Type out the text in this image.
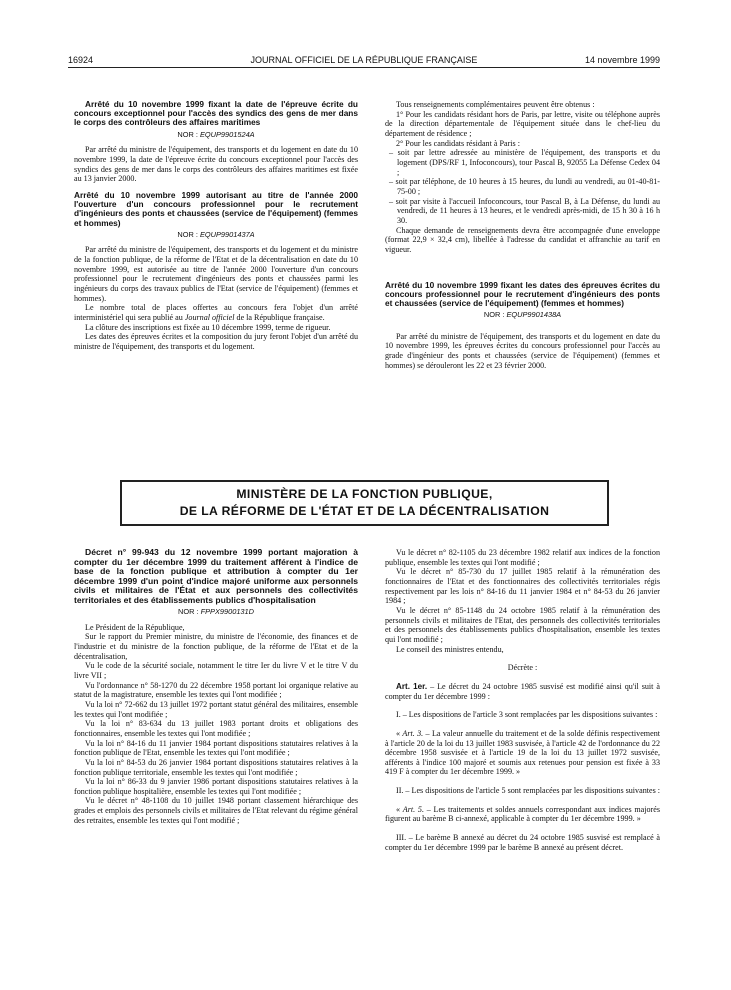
16924	JOURNAL OFFICIEL DE LA RÉPUBLIQUE FRANÇAISE	14 novembre 1999

Arrêté du 10 novembre 1999 fixant la date de l'épreuve écrite du concours exceptionnel pour l'accès des syndics des gens de mer dans le corps des contrôleurs des affaires maritimes

NOR : EQUP9901524A

Par arrêté du ministre de l'équipement, des transports et du logement en date du 10 novembre 1999, la date de l'épreuve écrite du concours exceptionnel pour l'accès des syndics des gens de mer dans le corps des contrôleurs des affaires maritimes est fixée au 13 janvier 2000.

Arrêté du 10 novembre 1999 autorisant au titre de l'année 2000 l'ouverture d'un concours professionnel pour le recrutement d'ingénieurs des ponts et chaussées (service de l'équipement) (femmes et hommes)

NOR : EQUP9901437A

Par arrêté du ministre de l'équipement, des transports et du logement et du ministre de la fonction publique, de la réforme de l'Etat et de la décentralisation en date du 10 novembre 1999, est autorisée au titre de l'année 2000 l'ouverture d'un concours professionnel pour le recrutement d'ingénieurs des ponts et chaussées parmi les ingénieurs du corps des travaux publics de l'Etat (service de l'équipement) (femmes et hommes).

Le nombre total de places offertes au concours fera l'objet d'un arrêté interministériel qui sera publié au Journal officiel de la République française.

La clôture des inscriptions est fixée au 10 décembre 1999, terme de rigueur.

Les dates des épreuves écrites et la composition du jury feront l'objet d'un arrêté du ministre de l'équipement, des transports et du logement.

Tous renseignements complémentaires peuvent être obtenus :

1° Pour les candidats résidant hors de Paris, par lettre, visite ou téléphone auprès de la direction départementale de l'équipement située dans le chef-lieu du département de résidence ;

2° Pour les candidats résidant à Paris :

– soit par lettre adressée au ministère de l'équipement, des transports et du logement (DPS/RF 1, Infoconcours), tour Pascal B, 92055 La Défense Cedex 04 ;

– soit par téléphone, de 10 heures à 15 heures, du lundi au vendredi, au 01-40-81-75-00 ;

– soit par visite à l'accueil Infoconcours, tour Pascal B, à La Défense, du lundi au vendredi, de 11 heures à 13 heures, et le vendredi après-midi, de 15 h 30 à 16 h 30.

Chaque demande de renseignements devra être accompagnée d'une enveloppe (format 22,9 × 32,4 cm), libellée à l'adresse du candidat et affranchie au tarif en vigueur.

Arrêté du 10 novembre 1999 fixant les dates des épreuves écrites du concours professionnel pour le recrutement d'ingénieurs des ponts et chaussées (service de l'équipement) (femmes et hommes)

NOR : EQUP9901438A

Par arrêté du ministre de l'équipement, des transports et du logement en date du 10 novembre 1999, les épreuves écrites du concours professionnel pour l'accès au grade d'ingénieur des ponts et chaussées (service de l'équipement) (femmes et hommes) se dérouleront les 22 et 23 février 2000.

MINISTÈRE DE LA FONCTION PUBLIQUE,
DE LA RÉFORME DE L'ÉTAT ET DE LA DÉCENTRALISATION

Décret n° 99-943 du 12 novembre 1999 portant majoration à compter du 1er décembre 1999 du traitement afférent à l'indice de base de la fonction publique et attribution à compter du 1er décembre 1999 d'un point d'indice majoré uniforme aux personnels civils et militaires de l'État et aux personnels des collectivités territoriales et des établissements publics d'hospitalisation

NOR : FPPX9900131D

Le Président de la République,

Sur le rapport du Premier ministre, du ministre de l'économie, des finances et de l'industrie et du ministre de la fonction publique, de la réforme de l'Etat et de la décentralisation,

Vu le code de la sécurité sociale, notamment le titre Ier du livre V et le titre V du livre VII ;

Vu l'ordonnance n° 58-1270 du 22 décembre 1958 portant loi organique relative au statut de la magistrature, ensemble les textes qui l'ont modifiée ;

Vu la loi n° 72-662 du 13 juillet 1972 portant statut général des militaires, ensemble les textes qui l'ont modifiée ;

Vu la loi n° 83-634 du 13 juillet 1983 portant droits et obligations des fonctionnaires, ensemble les textes qui l'ont modifiée ;

Vu la loi n° 84-16 du 11 janvier 1984 portant dispositions statutaires relatives à la fonction publique de l'Etat, ensemble les textes qui l'ont modifiée ;

Vu la loi n° 84-53 du 26 janvier 1984 portant dispositions statutaires relatives à la fonction publique territoriale, ensemble les textes qui l'ont modifiée ;

Vu la loi n° 86-33 du 9 janvier 1986 portant dispositions statutaires relatives à la fonction publique hospitalière, ensemble les textes qui l'ont modifiée ;

Vu le décret n° 48-1108 du 10 juillet 1948 portant classement hiérarchique des grades et emplois des personnels civils et militaires de l'Etat relevant du régime général des retraites, ensemble les textes qui l'ont modifié ;

Vu le décret n° 82-1105 du 23 décembre 1982 relatif aux indices de la fonction publique, ensemble les textes qui l'ont modifié ;

Vu le décret n° 85-730 du 17 juillet 1985 relatif à la rémunération des fonctionnaires de l'Etat et des fonctionnaires des collectivités territoriales régis respectivement par les lois n° 84-16 du 11 janvier 1984 et n° 84-53 du 26 janvier 1984 ;

Vu le décret n° 85-1148 du 24 octobre 1985 relatif à la rémunération des personnels civils et militaires de l'Etat, des personnels des collectivités territoriales et des personnels des établissements publics d'hospitalisation, ensemble les textes qui l'ont modifié ;

Le conseil des ministres entendu,

Décrète :

Art. 1er. – Le décret du 24 octobre 1985 susvisé est modifié ainsi qu'il suit à compter du 1er décembre 1999 :

I. – Les dispositions de l'article 3 sont remplacées par les dispositions suivantes :

« Art. 3. – La valeur annuelle du traitement et de la solde définis respectivement à l'article 20 de la loi du 13 juillet 1983 susvisée, à l'article 42 de l'ordonnance du 22 décembre 1958 susvisée et à l'article 19 de la loi du 13 juillet 1972 susvisée, afférents à l'indice 100 majoré et soumis aux retenues pour pension est fixée à 33 419 F à compter du 1er décembre 1999. »

II. – Les dispositions de l'article 5 sont remplacées par les dispositions suivantes :

« Art. 5. – Les traitements et soldes annuels correspondant aux indices majorés figurent au barème B ci-annexé, applicable à compter du 1er décembre 1999. »

III. – Le barème B annexé au décret du 24 octobre 1985 susvisé est remplacé à compter du 1er décembre 1999 par le barème B annexé au présent décret.
